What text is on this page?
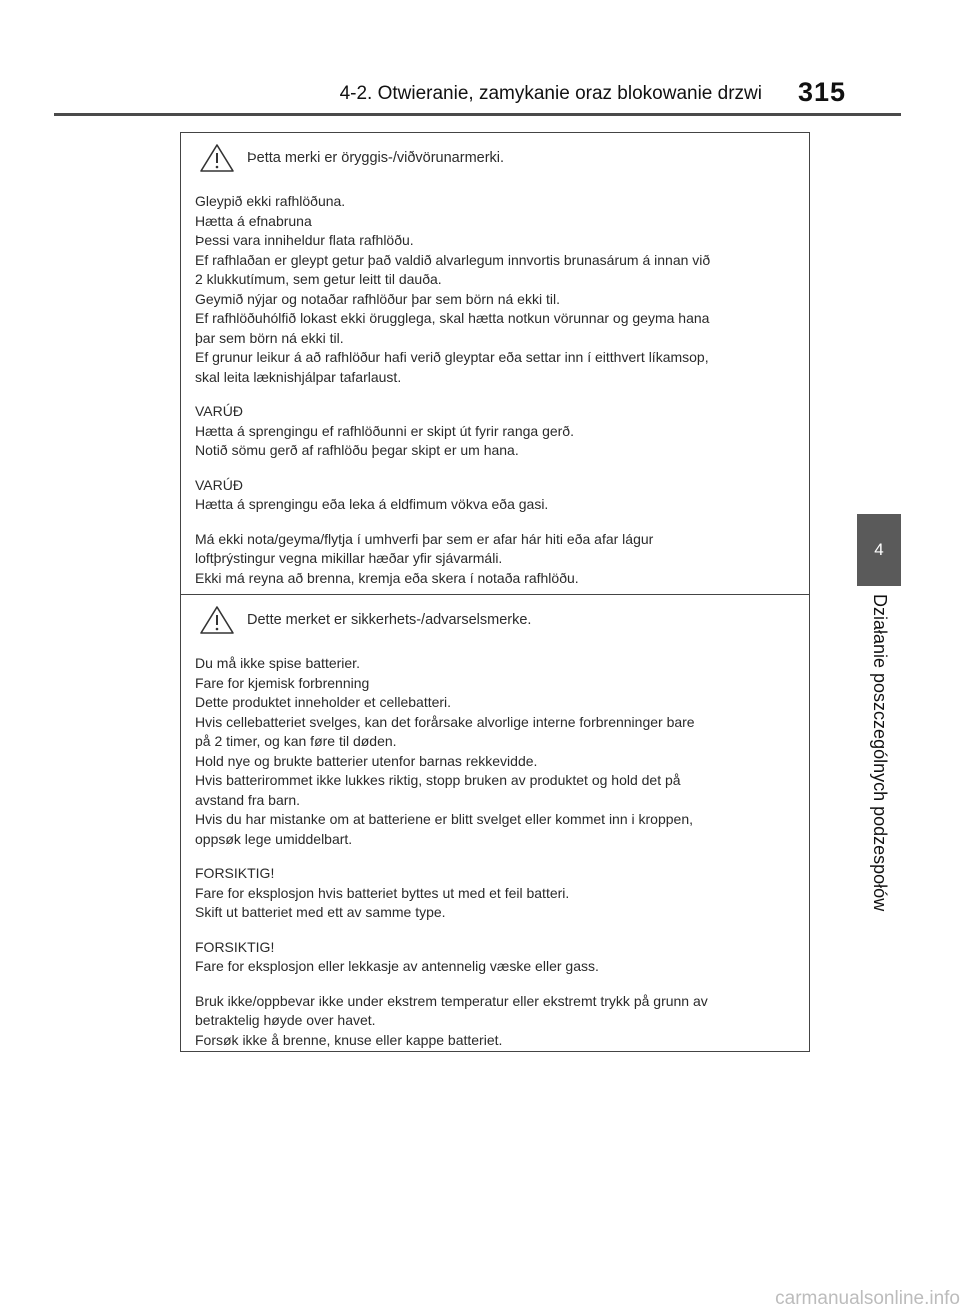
4-2. Otwieranie, zamykanie oraz blokowanie drzwi 315
4
Działanie poszczególnych podzespołów
Þetta merki er öryggis-/viðvörunarmerki.

Gleypið ekki rafhlöðuna.

Hætta á efnabruna

Þessi vara inniheldur flata rafhlöðu.

Ef rafhlaðan er gleypt getur það valdið alvarlegum innvortis brunasárum á innan við

2 klukkutímum, sem getur leitt til dauða.

Geymið nýjar og notaðar rafhlöður þar sem börn ná ekki til.

Ef rafhlöðuhólfið lokast ekki örugglega, skal hætta notkun vörunnar og geyma hana

þar sem börn ná ekki til.

Ef grunur leikur á að rafhlöður hafi verið gleyptar eða settar inn í eitthvert líkamsop,

skal leita læknishjálpar tafarlaust.

VARÚÐ

Hætta á sprengingu ef rafhlöðunni er skipt út fyrir ranga gerð.

Notið sömu gerð af rafhlöðu þegar skipt er um hana.

VARÚÐ

Hætta á sprengingu eða leka á eldfimum vökva eða gasi.

Má ekki nota/geyma/flytja í umhverfi þar sem er afar hár hiti eða afar lágur

loftþrýstingur vegna mikillar hæðar yfir sjávarmáli.

Ekki má reyna að brenna, kremja eða skera í notaða rafhlöðu.

Dette merket er sikkerhets-/advarselsmerke.

Du må ikke spise batterier.

Fare for kjemisk forbrenning

Dette produktet inneholder et cellebatteri.

Hvis cellebatteriet svelges, kan det forårsake alvorlige interne forbrenninger bare

på 2 timer, og kan føre til døden.

Hold nye og brukte batterier utenfor barnas rekkevidde.

Hvis batterirommet ikke lukkes riktig, stopp bruken av produktet og hold det på

avstand fra barn.

Hvis du har mistanke om at batteriene er blitt svelget eller kommet inn i kroppen,

oppsøk lege umiddelbart.

FORSIKTIG!

Fare for eksplosjon hvis batteriet byttes ut med et feil batteri.

Skift ut batteriet med ett av samme type.

FORSIKTIG!

Fare for eksplosjon eller lekkasje av antennelig væske eller gass.

Bruk ikke/oppbevar ikke under ekstrem temperatur eller ekstremt trykk på grunn av

betraktelig høyde over havet.

Forsøk ikke å brenne, knuse eller kappe batteriet.

carmanualsonline.info
